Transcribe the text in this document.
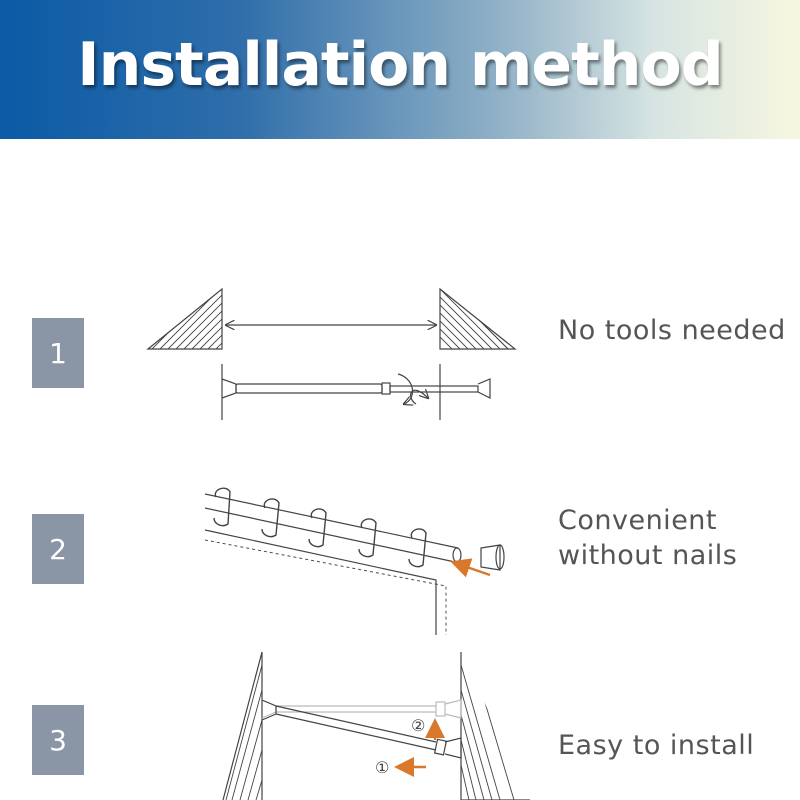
Installation method
1
No tools needed
2
Convenient
without nails
3	Easy to install
②
①
